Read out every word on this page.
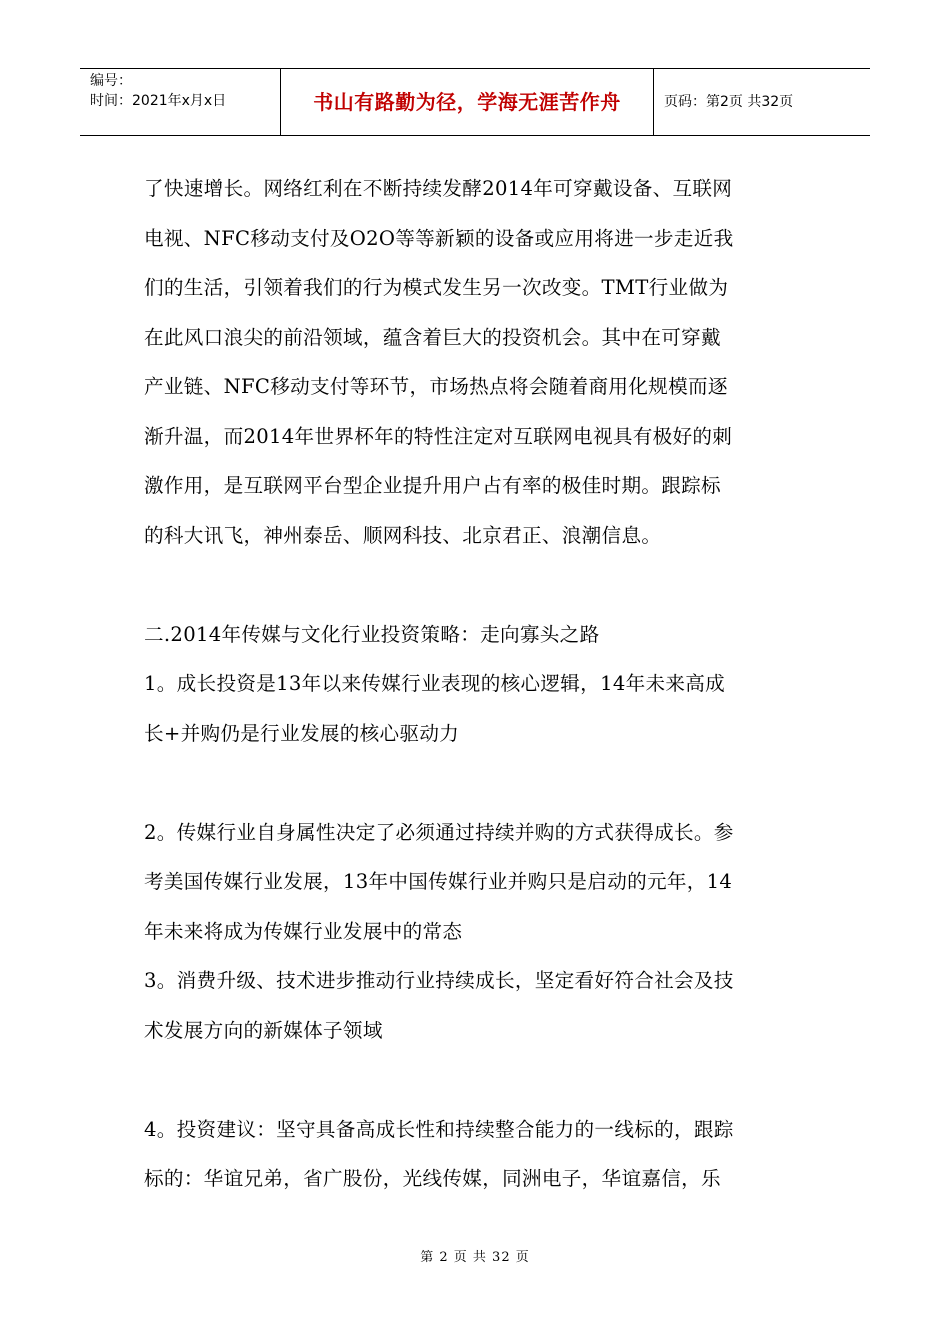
编号：
时间：2021年x月x日	书山有路勤为径，学海无涯苦作舟	页码：第2页 共32页
了快速增长。网络红利在不断持续发酵2014年可穿戴设备、互联网
电视、NFC移动支付及O2O等等新颖的设备或应用将进一步走近我
们的生活，引领着我们的行为模式发生另一次改变。TMT行业做为
在此风口浪尖的前沿领域，蕴含着巨大的投资机会。其中在可穿戴
产业链、NFC移动支付等环节，市场热点将会随着商用化规模而逐
渐升温，而2014年世界杯年的特性注定对互联网电视具有极好的刺
激作用，是互联网平台型企业提升用户占有率的极佳时期。跟踪标
的科大讯飞，神州泰岳、顺网科技、北京君正、浪潮信息。
二.2014年传媒与文化行业投资策略：走向寡头之路
1。成长投资是13年以来传媒行业表现的核心逻辑，14年未来高成
长+并购仍是行业发展的核心驱动力
2。传媒行业自身属性决定了必须通过持续并购的方式获得成长。参
考美国传媒行业发展，13年中国传媒行业并购只是启动的元年，14
年未来将成为传媒行业发展中的常态
3。消费升级、技术进步推动行业持续成长，坚定看好符合社会及技
术发展方向的新媒体子领域
4。投资建议：坚守具备高成长性和持续整合能力的一线标的，跟踪
标的：华谊兄弟，省广股份，光线传媒，同洲电子，华谊嘉信，乐
第 2 页 共 32 页
